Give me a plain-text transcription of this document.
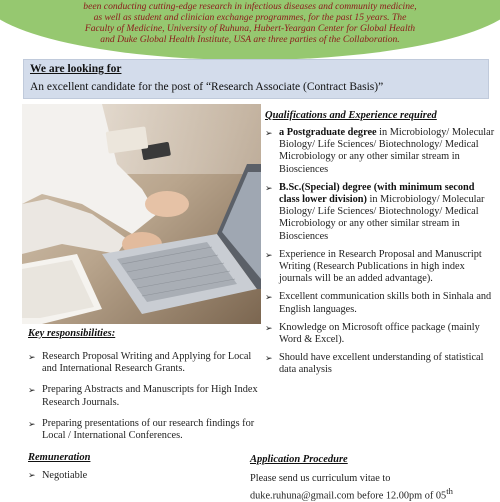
been conducting cutting-edge research in infectious diseases and community medicine,
as well as student and clinician exchange programmes, for the past 15 years. The
Faculty of Medicine, University of Ruhuna, Hubert-Yeargan Center for Global Health
and Duke Global Health Institute, USA are three parties of the Collaboration.
We are looking for
An excellent candidate for the post of “Research Associate (Contract Basis)”
Qualifications and Experience required
➢ a Postgraduate degree in Microbiology/ Molecular Biology/ Life Sciences/ Biotechnology/ Medical Microbiology or any other similar stream in Biosciences
➢ B.Sc.(Special) degree (with minimum second class lower division) in Microbiology/ Molecular Biology/ Life Sciences/ Biotechnology/ Medical Microbiology or any other similar stream in Biosciences
➢ Experience in Research Proposal and Manuscript Writing (Research Publications in high index journals will be an added advantage).
➢ Excellent communication skills both in Sinhala and English languages.
➢ Knowledge on Microsoft office package (mainly Word & Excel).
➢ Should have excellent understanding of statistical data analysis
Key responsibilities:
➢ Research Proposal Writing and Applying for Local and International Research Grants.
➢ Preparing Abstracts and Manuscripts for High Index Research Journals.
➢ Preparing presentations of our research findings for Local / International Conferences.
Remuneration
➢ Negotiable
Application Procedure
Please send us curriculum vitae to
duke.ruhuna@gmail.com before 12.00pm of 05th
